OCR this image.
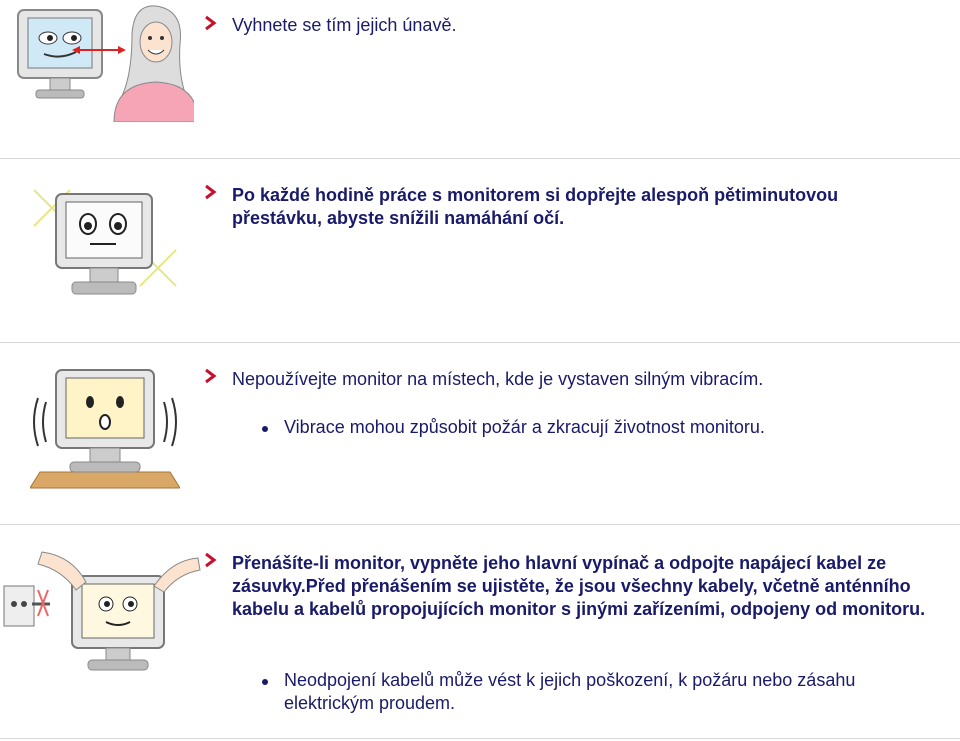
Vyhnete se tím jejich únavě.
Po každé hodině práce s monitorem si dopřejte alespoň pětiminutovou přestávku, abyste snížili namáhání očí.
Nepoužívejte monitor na místech, kde je vystaven silným vibracím.
Vibrace mohou způsobit požár a zkracují životnost monitoru.
Přenášíte-li monitor, vypněte jeho hlavní vypínač a odpojte napájecí kabel ze zásuvky.Před přenášením se ujistěte, že jsou všechny kabely, včetně anténního kabelu a kabelů propojujících monitor s jinými zařízeními, odpojeny od monitoru.
Neodpojení kabelů může vést k jejich poškození, k požáru nebo zásahu elektrickým proudem.
